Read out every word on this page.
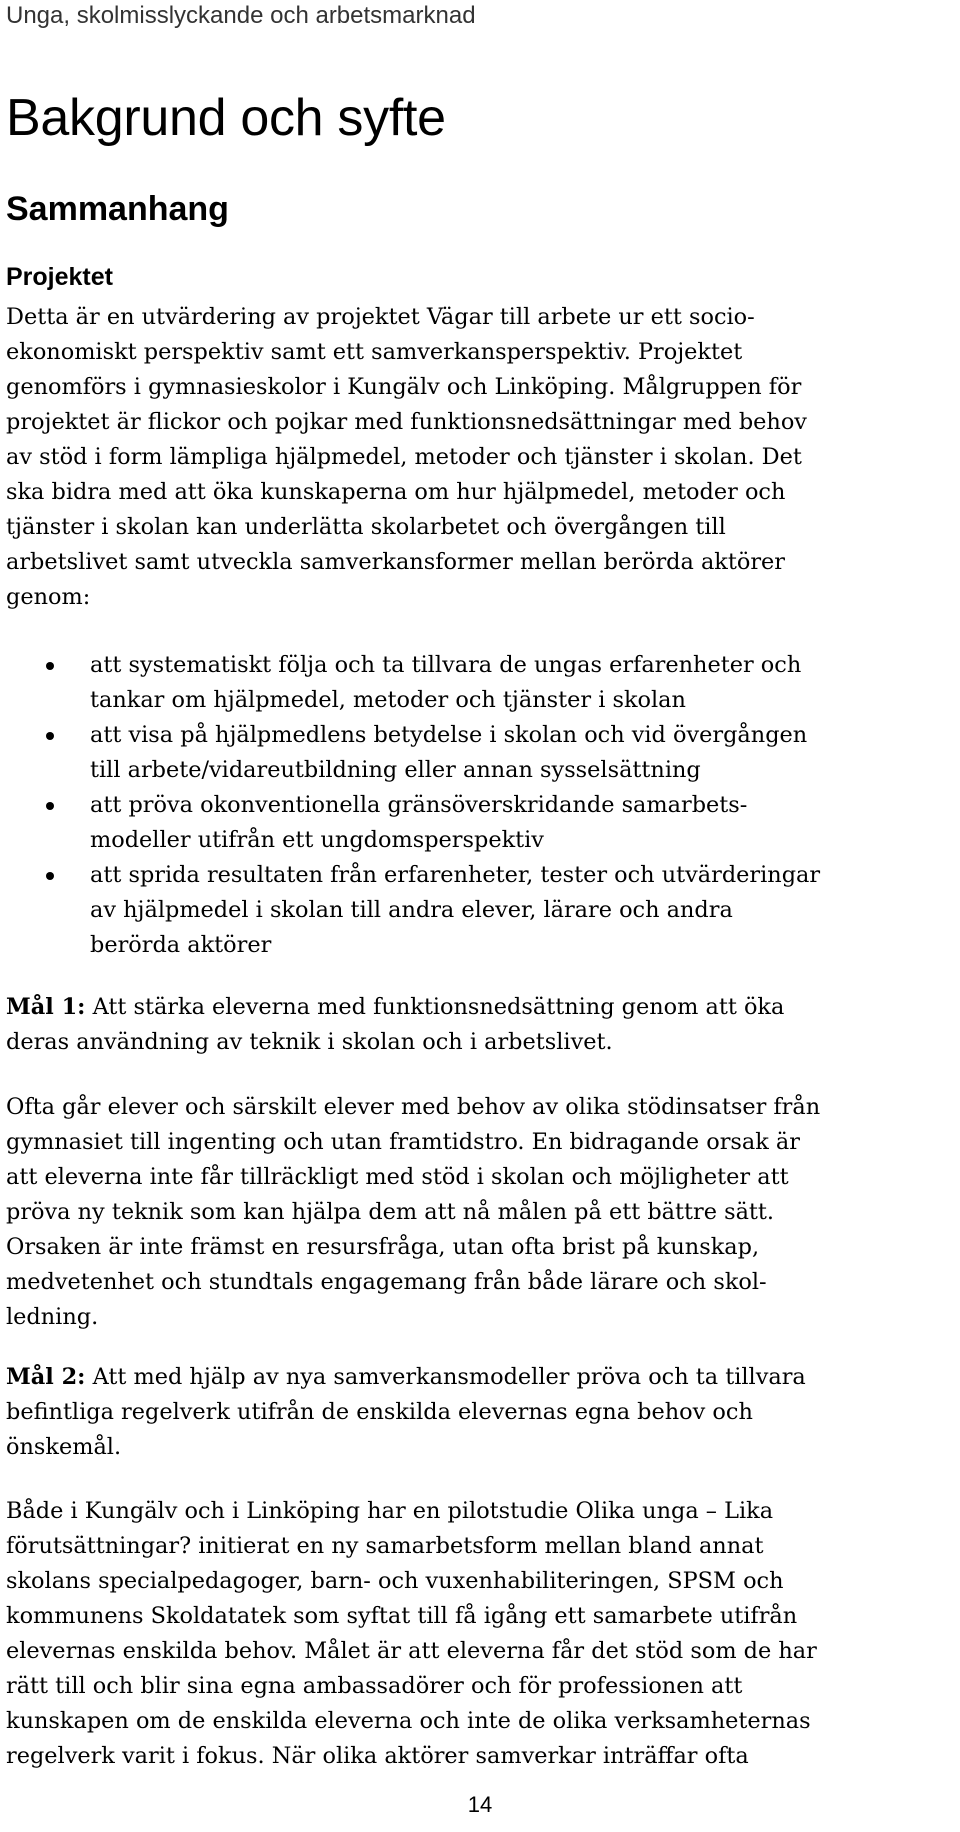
Unga, skolmisslyckande och arbetsmarknad
Bakgrund och syfte
Sammanhang
Projektet
Detta är en utvärdering av projektet Vägar till arbete ur ett socio-
ekonomiskt perspektiv samt ett samverkansperspektiv. Projektet
genomförs i gymnasieskolor i Kungälv och Linköping. Målgruppen för
projektet är flickor och pojkar med funktionsnedsättningar med behov
av stöd i form lämpliga hjälpmedel, metoder och tjänster i skolan. Det
ska bidra med att öka kunskaperna om hur hjälpmedel, metoder och
tjänster i skolan kan underlätta skolarbetet och övergången till
arbetslivet samt utveckla samverkansformer mellan berörda aktörer
genom:
att systematiskt följa och ta tillvara de ungas erfarenheter och
tankar om hjälpmedel, metoder och tjänster i skolan
att visa på hjälpmedlens betydelse i skolan och vid övergången
till arbete/vidareutbildning eller annan sysselsättning
att pröva okonventionella gränsöverskridande samarbets-
modeller utifrån ett ungdomsperspektiv
att sprida resultaten från erfarenheter, tester och utvärderingar
av hjälpmedel i skolan till andra elever, lärare och andra
berörda aktörer
Mål 1: Att stärka eleverna med funktionsnedsättning genom att öka
deras användning av teknik i skolan och i arbetslivet.
Ofta går elever och särskilt elever med behov av olika stödinsatser från
gymnasiet till ingenting och utan framtidstro. En bidragande orsak är
att eleverna inte får tillräckligt med stöd i skolan och möjligheter att
pröva ny teknik som kan hjälpa dem att nå målen på ett bättre sätt.
Orsaken är inte främst en resursfråga, utan ofta brist på kunskap,
medvetenhet och stundtals engagemang från både lärare och skol-
ledning.
Mål 2: Att med hjälp av nya samverkansmodeller pröva och ta tillvara
befintliga regelverk utifrån de enskilda elevernas egna behov och
önskemål.
Både i Kungälv och i Linköping har en pilotstudie Olika unga – Lika
förutsättningar? initierat en ny samarbetsform mellan bland annat
skolans specialpedagoger, barn- och vuxenhabiliteringen, SPSM och
kommunens Skoldatatek som syftat till få igång ett samarbete utifrån
elevernas enskilda behov. Målet är att eleverna får det stöd som de har
rätt till och blir sina egna ambassadörer och för professionen att
kunskapen om de enskilda eleverna och inte de olika verksamheternas
regelverk varit i fokus. När olika aktörer samverkar inträffar ofta
14
